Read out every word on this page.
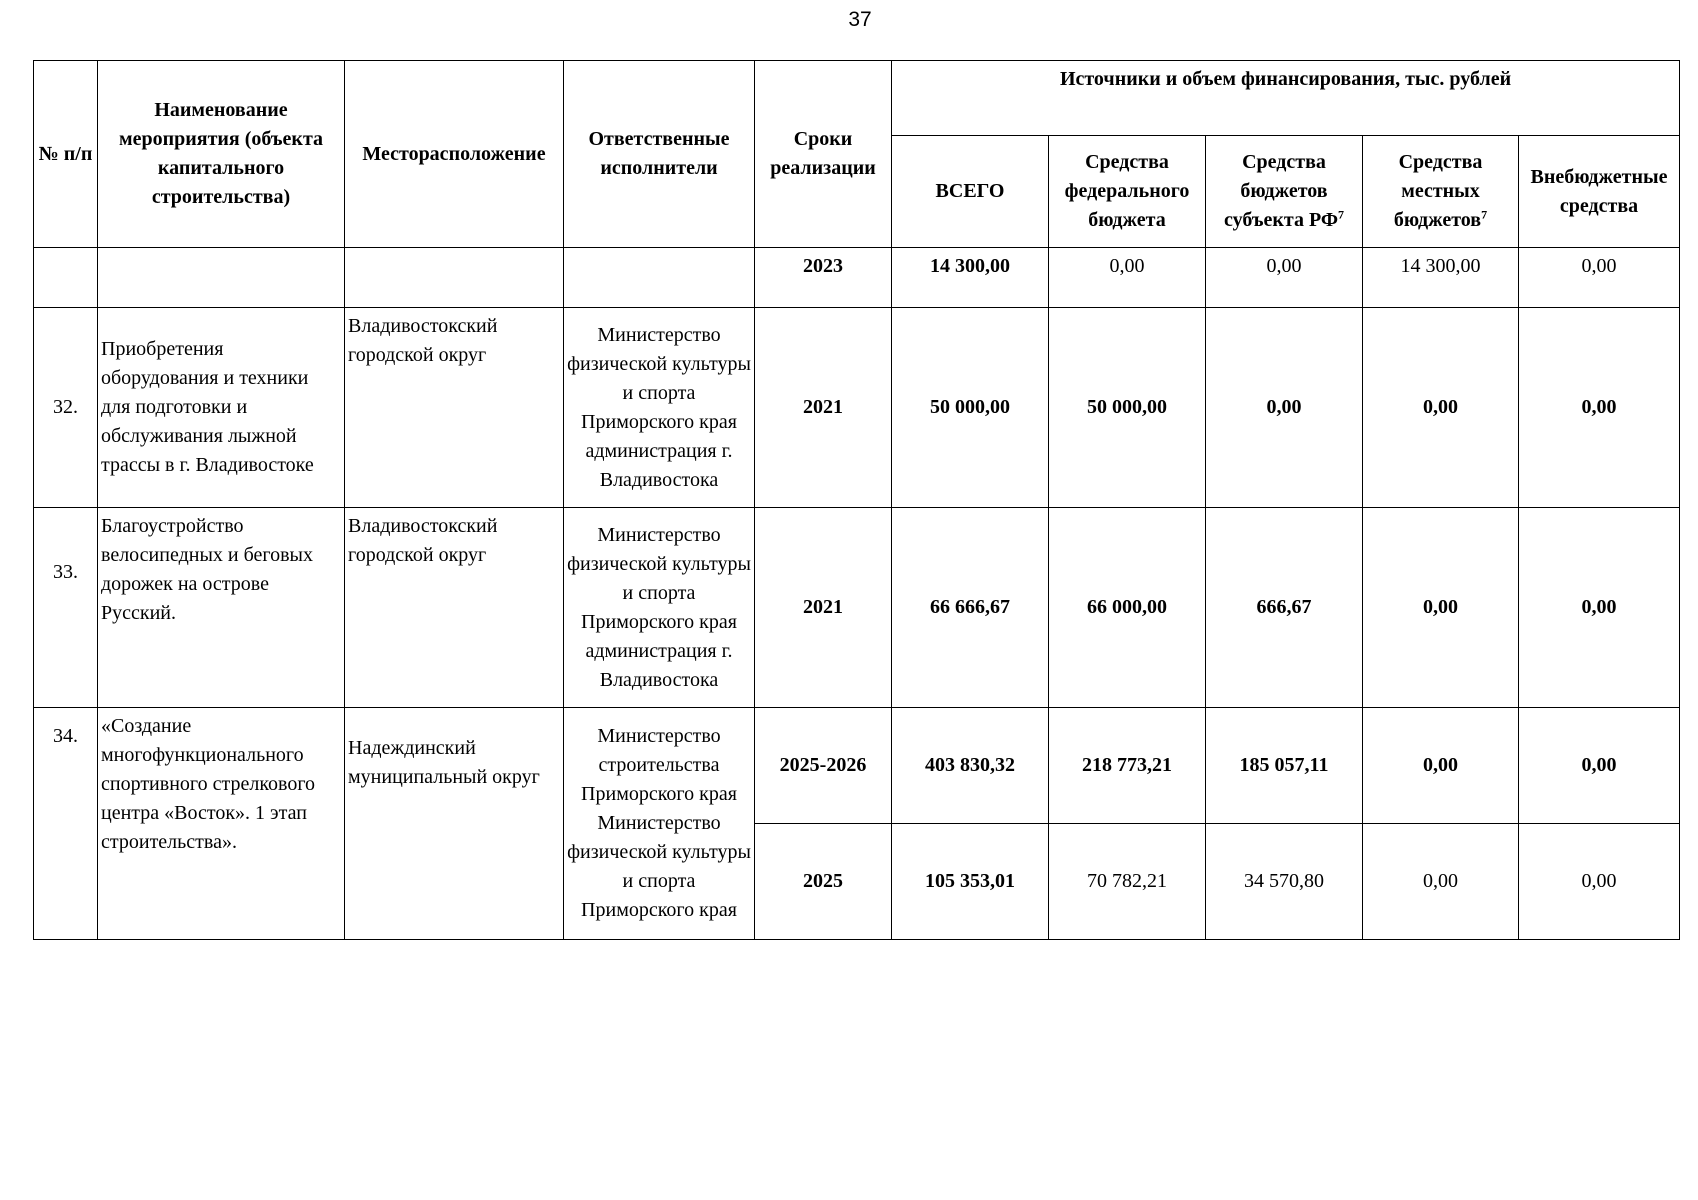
37
№ п/п	Наименование мероприятия (объекта капитального строительства)	Месторасположение	Ответственные исполнители	Сроки реализации	Источники и объем финансирования, тыс. рублей				
					ВСЕГО	Средства федерального бюджета	Средства бюджетов субъекта $РФ^7$	Средства местных бюджетов$^7$	Внебюджетные средства
				2023	14 300,00	0,00	0,00	14 300,00	0,00
32.	Приобретения оборудования и техники для подготовки и обслуживания лыжной трассы в г. Владивостоке	Владивостокский городской округ	Министерство физической культуры и спорта Приморского края администрация г. Владивостока	2021	50 000,00	50 000,00	0,00	0,00	0,00
33.	Благоустройство велосипедных и беговых дорожек на острове Русский.	Владивостокский городской округ	Министерство физической культуры и спорта Приморского края администрация г. Владивостока	2021	66 666,67	66 000,00	666,67	0,00	0,00
34.	«Создание многофункционального спортивного стрелкового центра «Восток». 1 этап строительства».	Надеждинский муниципальный округ	Министерство строительства Приморского края Министерство физической культуры и спорта Приморского края	2025-2026	403 830,32	218 773,21	185 057,11	0,00	0,00
				2025	105 353,01	70 782,21	34 570,80	0,00	0,00
